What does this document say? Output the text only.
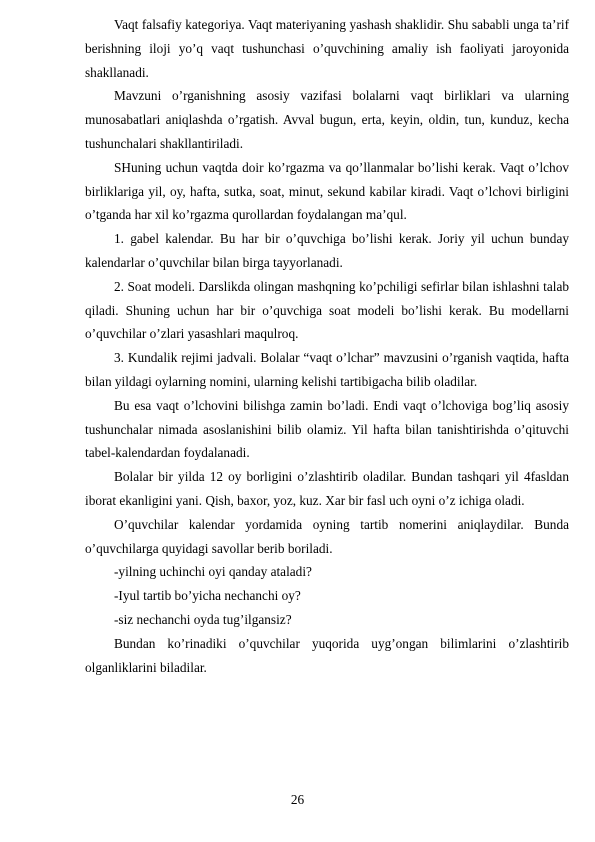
Vaqt falsafiy kategoriya. Vaqt materiyaning yashash shaklidir. Shu sababli unga ta’rif berishning iloji yo’q vaqt tushunchasi o’quvchining amaliy ish faoliyati jaroyonida shakllanadi.

Mavzuni o’rganishning asosiy vazifasi bolalarni vaqt birliklari va ularning munosabatlari aniqlashda o’rgatish. Avval bugun, erta, keyin, oldin, tun, kunduz, kecha tushunchalari shakllantiriladi.

SHuning uchun vaqtda doir ko’rgazma va qo’llanmalar bo’lishi kerak. Vaqt o’lchov birliklariga yil, oy, hafta, sutka, soat, minut, sekund kabilar kiradi. Vaqt o’lchovi birligini o’tganda har xil ko’rgazma qurollardan foydalangan ma’qul.

1. gabel kalendar. Bu har bir o’quvchiga bo’lishi kerak. Joriy yil uchun bunday kalendarlar o’quvchilar bilan birga tayyorlanadi.

2. Soat modeli. Darslikda olingan mashqning ko’pchiligi sefirlar bilan ishlashni talab qiladi. Shuning uchun har bir o’quvchiga soat modeli bo’lishi kerak. Bu modellarni o’quvchilar o’zlari yasashlari maqulroq.

3. Kundalik rejimi jadvali. Bolalar “vaqt o’lchar” mavzusini o’rganish vaqtida, hafta bilan yildagi oylarning nomini, ularning kelishi tartibigacha bilib oladilar.

Bu esa vaqt o’lchovini bilishga zamin bo’ladi. Endi vaqt o’lchoviga bog’liq asosiy tushunchalar nimada asoslanishini bilib olamiz. Yil hafta bilan tanishtirishda o’qituvchi tabel-kalendardan foydalanadi.

Bolalar bir yilda 12 oy borligini o’zlashtirib oladilar. Bundan tashqari yil 4fasldan iborat ekanligini yani. Qish, baxor, yoz, kuz. Xar bir fasl uch oyni o’z ichiga oladi.

O’quvchilar kalendar yordamida oyning tartib nomerini aniqlaydilar. Bunda o’quvchilarga quyidagi savollar berib boriladi.

-yilning uchinchi oyi qanday ataladi?

-Iyul tartib bo’yicha nechanchi oy?

-siz nechanchi oyda tug’ilgansiz?

Bundan ko’rinadiki o’quvchilar yuqorida uyg’ongan bilimlarini o’zlashtirib olganliklarini biladilar.

26
